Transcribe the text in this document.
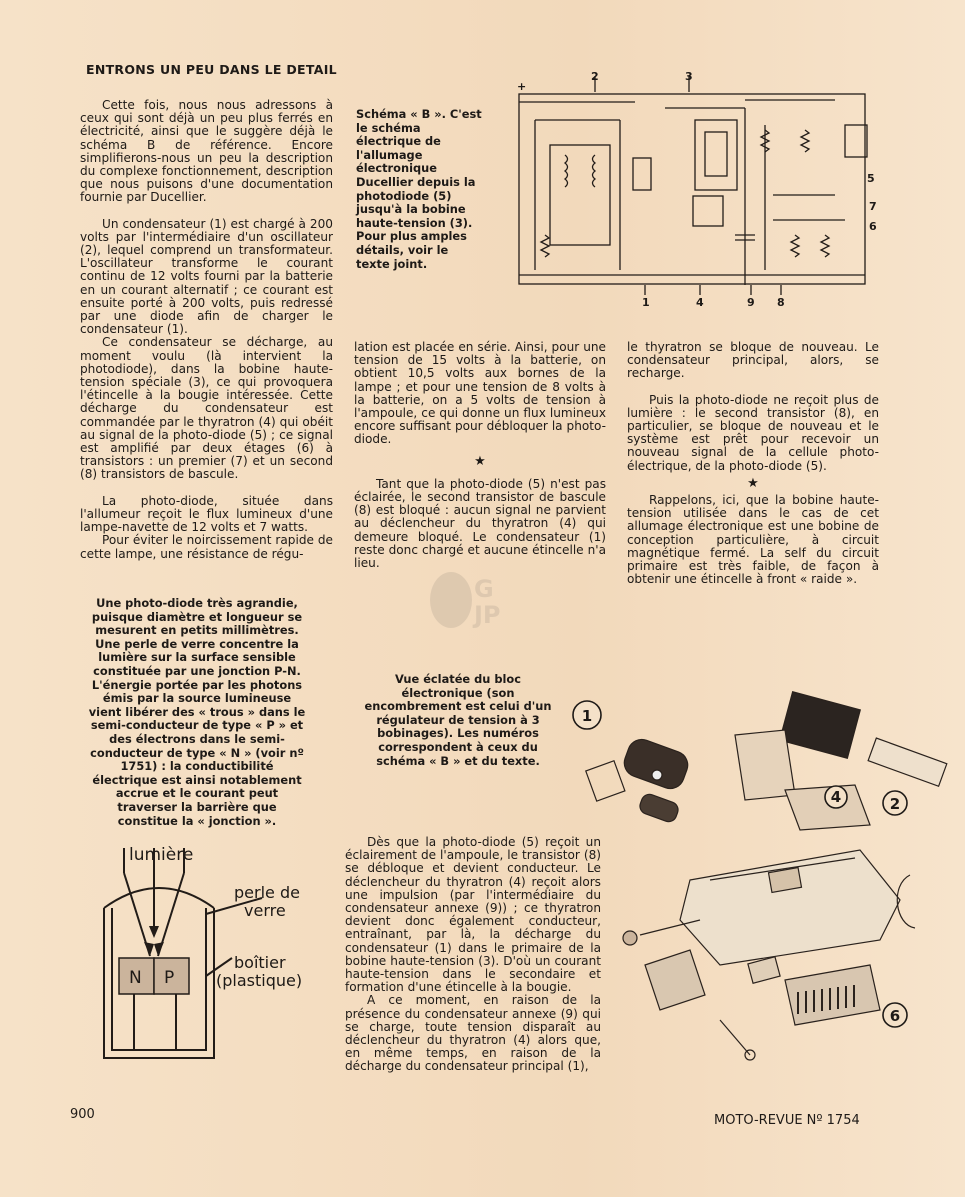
ENTRONS UN PEU DANS LE DETAIL

Cette fois, nous nous adressons à ceux qui sont déjà un peu plus ferrés en électricité, ainsi que le suggère déjà le schéma B de référence. Encore simplifierons-nous un peu la description du complexe fonctionnement, description que nous puisons d'une documentation fournie par Ducellier.

Un condensateur (1) est chargé à 200 volts par l'intermédiaire d'un oscillateur (2), lequel comprend un transformateur. L'oscillateur transforme le courant continu de 12 volts fourni par la batterie en un courant alternatif ; ce courant est ensuite porté à 200 volts, puis redressé par une diode afin de charger le condensateur (1).

Ce condensateur se décharge, au moment voulu (là intervient la photodiode), dans la bobine haute-tension spéciale (3), ce qui provoquera l'étincelle à la bougie intéressée. Cette décharge du condensateur est commandée par le thyratron (4) qui obéit au signal de la photo-diode (5) ; ce signal est amplifié par deux étages (6) à transistors : un premier (7) et un second (8) transistors de bascule.

La photo-diode, située dans l'allumeur reçoit le flux lumineux d'une lampe-navette de 12 volts et 7 watts.

Pour éviter le noircissement rapide de cette lampe, une résistance de régu-

Schéma « B ». C'est le schéma électrique de l'allumage électronique Ducellier depuis la photodiode (5) jusqu'à la bobine haute-tension (3). Pour plus amples détails, voir le texte joint.
+
2	3
5
7
6
1	4	9 8

lation est placée en série. Ainsi, pour une tension de 15 volts à la batterie, on obtient 10,5 volts aux bornes de la lampe ; et pour une tension de 8 volts à la batterie, on a 5 volts de tension à l'ampoule, ce qui donne un flux lumineux encore suffisant pour débloquer la photo-diode.

★

Tant que la photo-diode (5) n'est pas éclairée, le second transistor de bascule (8) est bloqué : aucun signal ne parvient au déclencheur du thyratron (4) qui demeure bloqué. Le condensateur (1) reste donc chargé et aucune étincelle n'a lieu.

le thyratron se bloque de nouveau. Le condensateur principal, alors, se recharge.

Puis la photo-diode ne reçoit plus de lumière : le second transistor (8), en particulier, se bloque de nouveau et le système est prêt pour recevoir un nouveau signal de la cellule photo-électrique, de la photo-diode (5).

★

Rappelons, ici, que la bobine haute-tension utilisée dans le cas de cet allumage électronique est une bobine de conception particulière, à circuit magnétique fermé. La self du circuit primaire est très faible, de façon à obtenir une étincelle à front « raide ».

G JP
Une photo-diode très agrandie, puisque diamètre et longueur se mesurent en petits millimètres. Une perle de verre concentre la lumière sur la surface sensible constituée par une jonction P-N. L'énergie portée par les photons émis par la source lumineuse vient libérer des « trous » dans le semi-conducteur de type « P » et des électrons dans le semi-conducteur de type « N » (voir nº 1751) : la conductibilité électrique est ainsi notablement accrue et le courant peut traverser la barrière que constitue la « jonction ».
N P
lumière
perle de verre
boîtier (plastique)
Vue éclatée du bloc électronique (son encombrement est celui d'un régulateur de tension à 3 bobinages). Les numéros correspondent à ceux du schéma « B » et du texte.
1
4	2
6

Dès que la photo-diode (5) reçoit un éclairement de l'ampoule, le transistor (8) se débloque et devient conducteur. Le déclencheur du thyratron (4) reçoit alors une impulsion (par l'intermédiaire du condensateur annexe (9)) ; ce thyratron devient donc également conducteur, entraînant, par là, la décharge du condensateur (1) dans le primaire de la bobine haute-tension (3). D'où un courant haute-tension dans le secondaire et formation d'une étincelle à la bougie.

A ce moment, en raison de la présence du condensateur annexe (9) qui se charge, toute tension disparaît au déclencheur du thyratron (4) alors que, en même temps, en raison de la décharge du condensateur principal (1),

900	MOTO-REVUE Nº 1754
